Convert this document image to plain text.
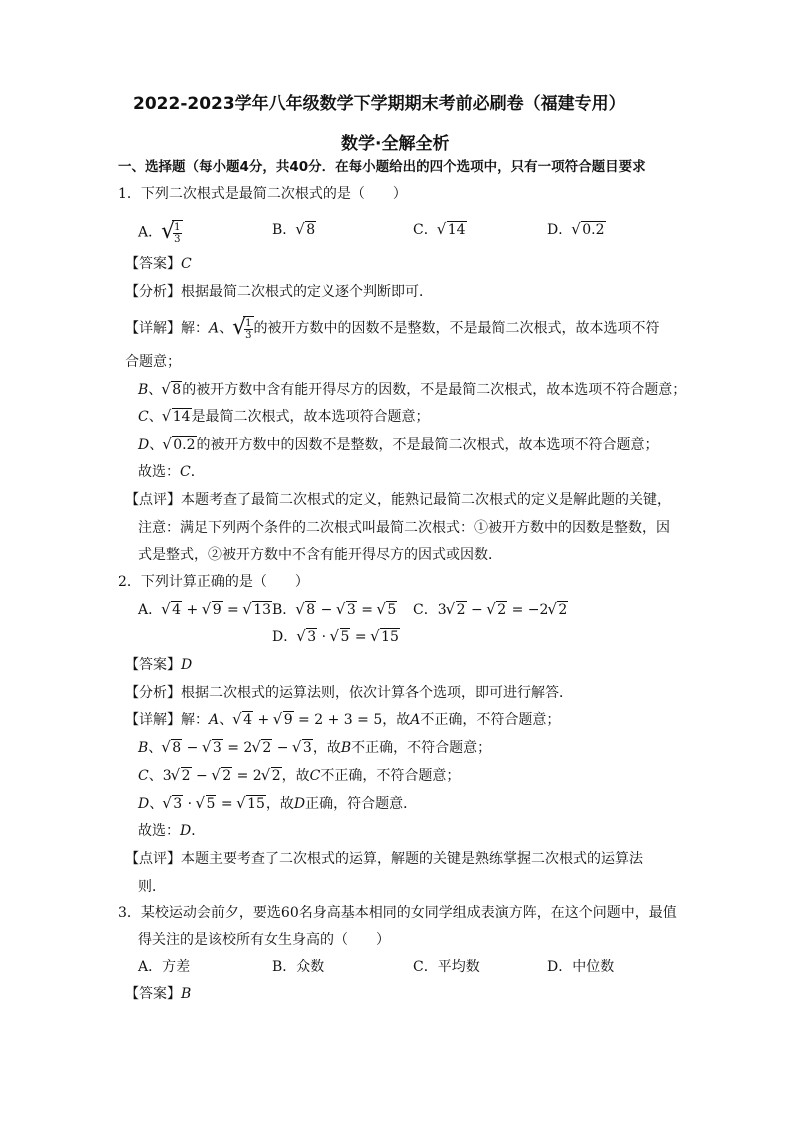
2022-2023学年八年级数学下学期期末考前必刷卷（福建专用）
数学·全解全析
一、选择题（每小题4分，共40分．在每小题给出的四个选项中，只有一项符合题目要求
1．下列二次根式是最简二次根式的是（　　）
A． √ $\frac{1}{3}$	B． √ 8	C． √ 14	D． √ 0.2
【答案】C
【分析】根据最简二次根式的定义逐个判断即可．
【详解】解：A、 √ $\frac{1}{3}$ 的被开方数中的因数不是整数，不是最简二次根式，故本选项不符
合题意；
B、 √ 8的被开方数中含有能开得尽方的因数，不是最简二次根式，故本选项不符合题意；
C、 √ 14是最简二次根式，故本选项符合题意；
D、 √ 0.2的被开方数中的因数不是整数，不是最简二次根式，故本选项不符合题意；
故选：C．
【点评】本题考查了最简二次根式的定义，能熟记最简二次根式的定义是解此题的关键，
注意：满足下列两个条件的二次根式叫最简二次根式：①被开方数中的因数是整数，因
式是整式，②被开方数中不含有能开得尽方的因式或因数．
2．下列计算正确的是（　　）
A． √ 4 + √ 9 = √ 13 B． √ 8 − √ 3 = √ 5 C．3 √ 2 − √ 2 = −2 √ 2
D． √ 3 · √ 5 = √ 15
【答案】D
【分析】根据二次根式的运算法则，依次计算各个选项，即可进行解答．
【详解】解：A、 √ 4 + √ 9 = 2 + 3 = 5，故A不正确，不符合题意；
B、 √ 8 − √ 3 = 2 √ 2 − √ 3，故B不正确，不符合题意；
C、3 √ 2 − √ 2 = 2 √ 2，故C不正确，不符合题意；
D、 √ 3 · √ 5 = √ 15，故D正确，符合题意．
故选：D．
【点评】本题主要考查了二次根式的运算，解题的关键是熟练掌握二次根式的运算法
则．
3．某校运动会前夕，要选60名身高基本相同的女同学组成表演方阵，在这个问题中，最值
得关注的是该校所有女生身高的（　　）
A．方差	B．众数	C．平均数	D．中位数
【答案】B
